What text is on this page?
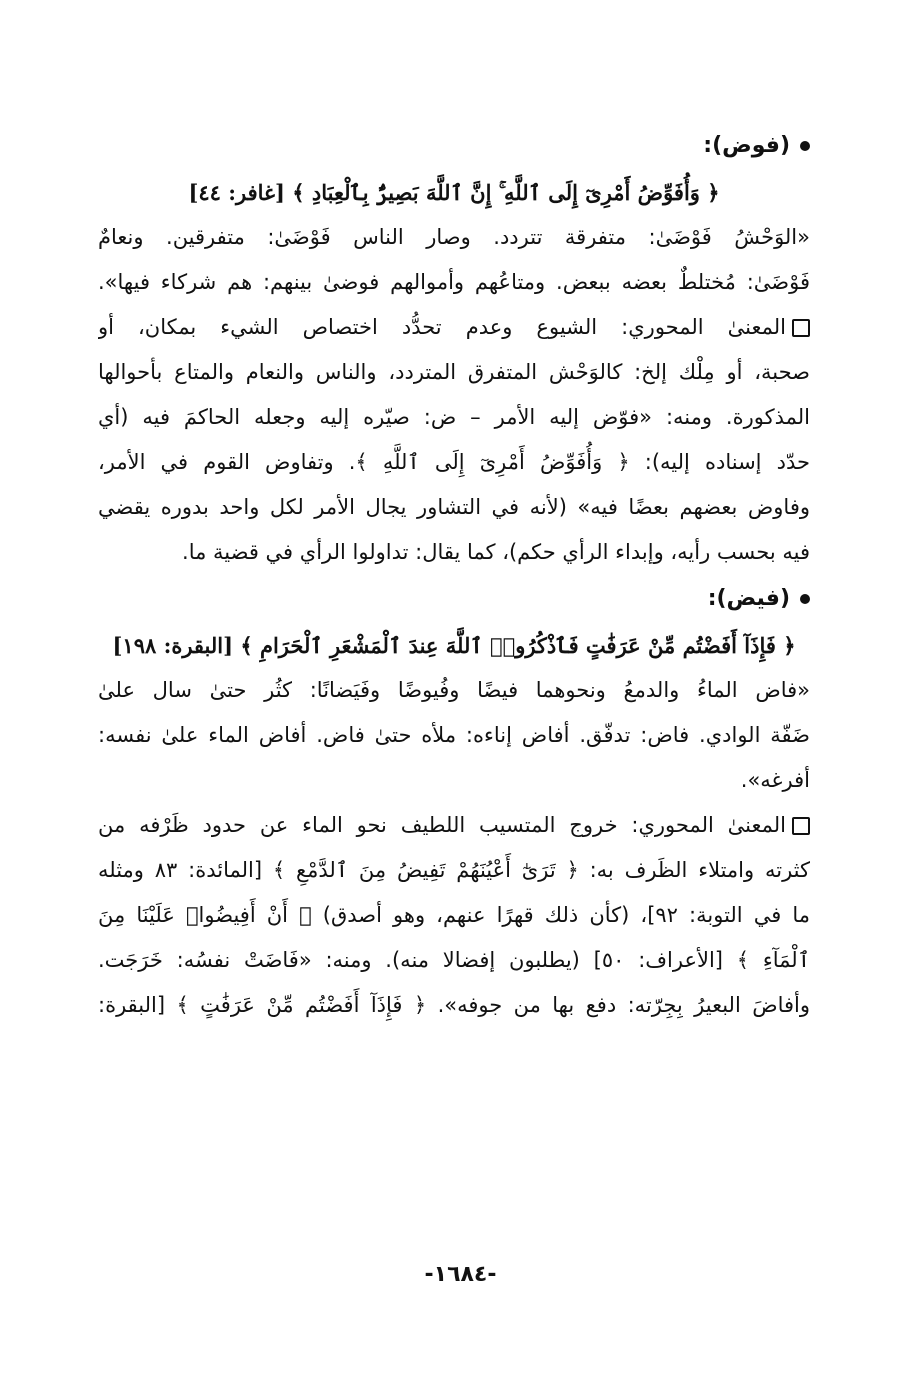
(فوض):
﴿ وَأُفَوِّضُ أَمْرِىٓ إِلَى ٱللَّهِ ۚ إِنَّ ٱللَّهَ بَصِيرٌۢ بِٱلْعِبَادِ ﴾ [غافر: ٤٤]
«الوَحْشُ فَوْضَىٰ: متفرقة تتردد. وصار الناس فَوْضَىٰ: متفرقين. ونعامٌ
فَوْضَىٰ: مُختلطٌ بعضه ببعض. ومتاعُهم وأموالهم فوضىٰ بينهم: هم شركاء فيها».
المعنىٰ المحوري: الشيوع وعدم تحدُّد اختصاص الشيء بمكان، أو
صحبة، أو مِلْك إلخ: كالوَحْش المتفرق المتردد، والناس والنعام والمتاع بأحوالها
المذكورة. ومنه: «فوّض إليه الأمر – ض: صيّره إليه وجعله الحاكمَ فيه (أي
حدّد إسناده إليه): ﴿ وَأُفَوِّضُ أَمْرِىٓ إِلَى ٱللَّهِ ﴾. وتفاوض القوم في الأمر،
وفاوض بعضهم بعضًا فيه» (لأنه في التشاور يجال الأمر لكل واحد بدوره يقضي
فيه بحسب رأيه، وإبداء الرأي حكم)، كما يقال: تداولوا الرأي في قضية ما.
(فيض):
﴿ فَإِذَآ أَفَضْتُم مِّنْ عَرَفَٰتٍ فَٱذْكُرُوا۟ ٱللَّهَ عِندَ ٱلْمَشْعَرِ ٱلْحَرَامِ ﴾ [البقرة: ١٩٨]
«فاض الماءُ والدمعُ ونحوهما فيضًا وفُيوضًا وفَيَضانًا: كثُر حتىٰ سال علىٰ
ضَفّة الوادي. فاض: تدفّق. أفاض إناءه: ملأه حتىٰ فاض. أفاض الماء علىٰ نفسه:
أفرغه».
المعنىٰ المحوري: خروج المتسيب اللطيف نحو الماء عن حدود ظَرْفه من
كثرته وامتلاء الظَرف به: ﴿ تَرَىٰٓ أَعْيُنَهُمْ تَفِيضُ مِنَ ٱلدَّمْعِ ﴾ [المائدة: ٨٣ ومثله
ما في التوبة: ٩٢]، (كأن ذلك قهرًا عنهم، وهو أصدق) ﴿ أَنْ أَفِيضُوا۟ عَلَيْنَا مِنَ
ٱلْمَآءِ ﴾ [الأعراف: ٥٠] (يطلبون إفضالا منه). ومنه: «فَاضَتْ نفسُه: خَرَجَت.
وأفاضَ البعيرُ بِجِرّته: دفع بها من جوفه». ﴿ فَإِذَآ أَفَضْتُم مِّنْ عَرَفَٰتٍ ﴾ [البقرة:
-١٦٨٤-
